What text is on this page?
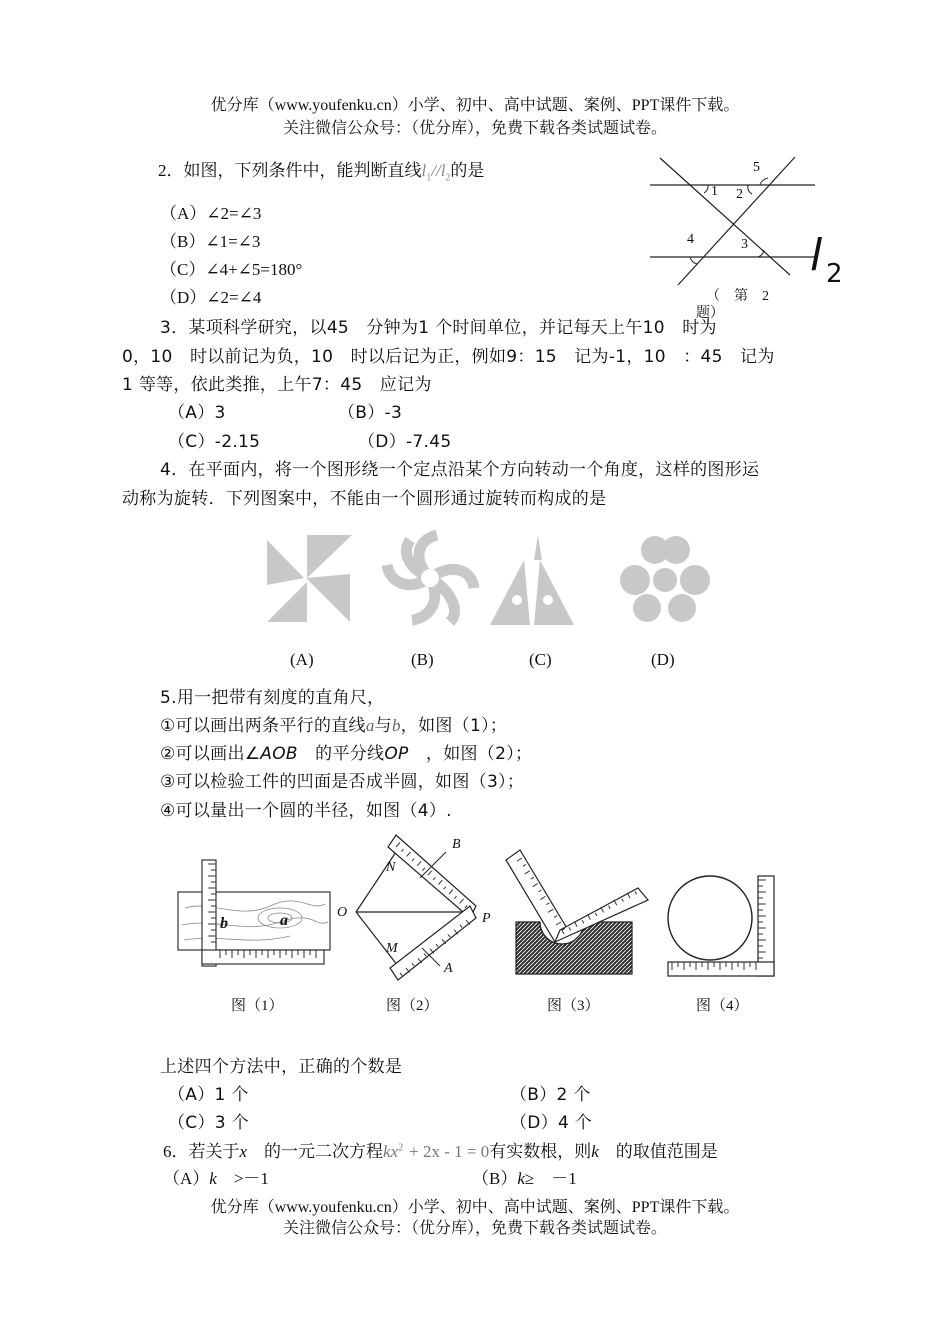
优分库（www.youfenku.cn）小学、初中、高中试题、案例、PPT课件下载。
关注微信公众号：（优分库），免费下载各类试题试卷。
2．如图，下列条件中，能判断直线$l_1//l_2$的是
（A）∠2=∠3
（B）∠1=∠3
（C）∠4+∠5=180°
（D）∠2=∠4
5
1 2
4	3 l 2
（　第　2
题）
3．某项科学研究，以45　分钟为1 个时间单位，并记每天上午10　时为
0，10　时以前记为负，10　时以后记为正，例如9：15　记为-1，10　：45　记为
1 等等，依此类推，上午7：45　应记为
（A）3	（B）-3
（C）-2.15	（D）-7.45
4．在平面内，将一个图形绕一个定点沿某个方向转动一个角度，这样的图形运
动称为旋转．下列图案中，不能由一个圆形通过旋转而构成的是
(A)	(B)	(C)	(D)
5.用一把带有刻度的直角尺，
①可以画出两条平行的直线a与b，如图（1）；
②可以画出∠AOB　的平分线OP　，如图（2）；
③可以检验工件的凹面是否成半圆，如图（3）；
④可以量出一个圆的半径，如图（4）.
b	a
B
N
O	P
M
A
图（1）	图（2）	图（3）	图（4）
上述四个方法中，正确的个数是
（A）1 个	（B）2 个
（C）3 个	（D）4 个
6．若关于x　的一元二次方程$kx^2 + 2x - 1 = 0$有实数根，则k　的取值范围是
（A）k　>－1	（B）k≥　－1
优分库（www.youfenku.cn）小学、初中、高中试题、案例、PPT课件下载。
关注微信公众号：（优分库），免费下载各类试题试卷。
